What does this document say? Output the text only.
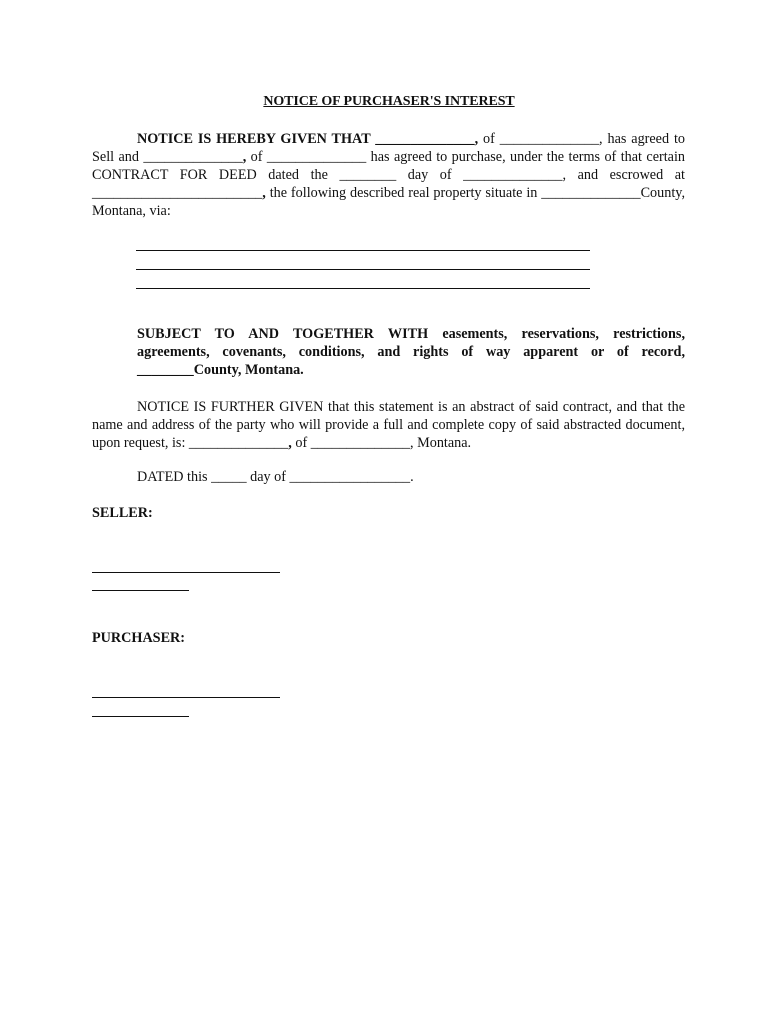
NOTICE OF PURCHASER'S INTEREST
NOTICE IS HEREBY GIVEN THAT ______________, of ______________, has agreed to Sell and ______________, of ______________ has agreed to purchase, under the terms of that certain CONTRACT FOR DEED dated the ________ day of ______________, and escrowed at ________________________, the following described real property situate in ______________County, Montana, via:
SUBJECT TO AND TOGETHER WITH easements, reservations, restrictions, agreements, covenants, conditions, and rights of way apparent or of record, ________County, Montana.
NOTICE IS FURTHER GIVEN that this statement is an abstract of said contract, and that the name and address of the party who will provide a full and complete copy of said abstracted document, upon request, is: ______________, of ______________, Montana.
DATED this _____ day of _________________.
SELLER:
PURCHASER:
